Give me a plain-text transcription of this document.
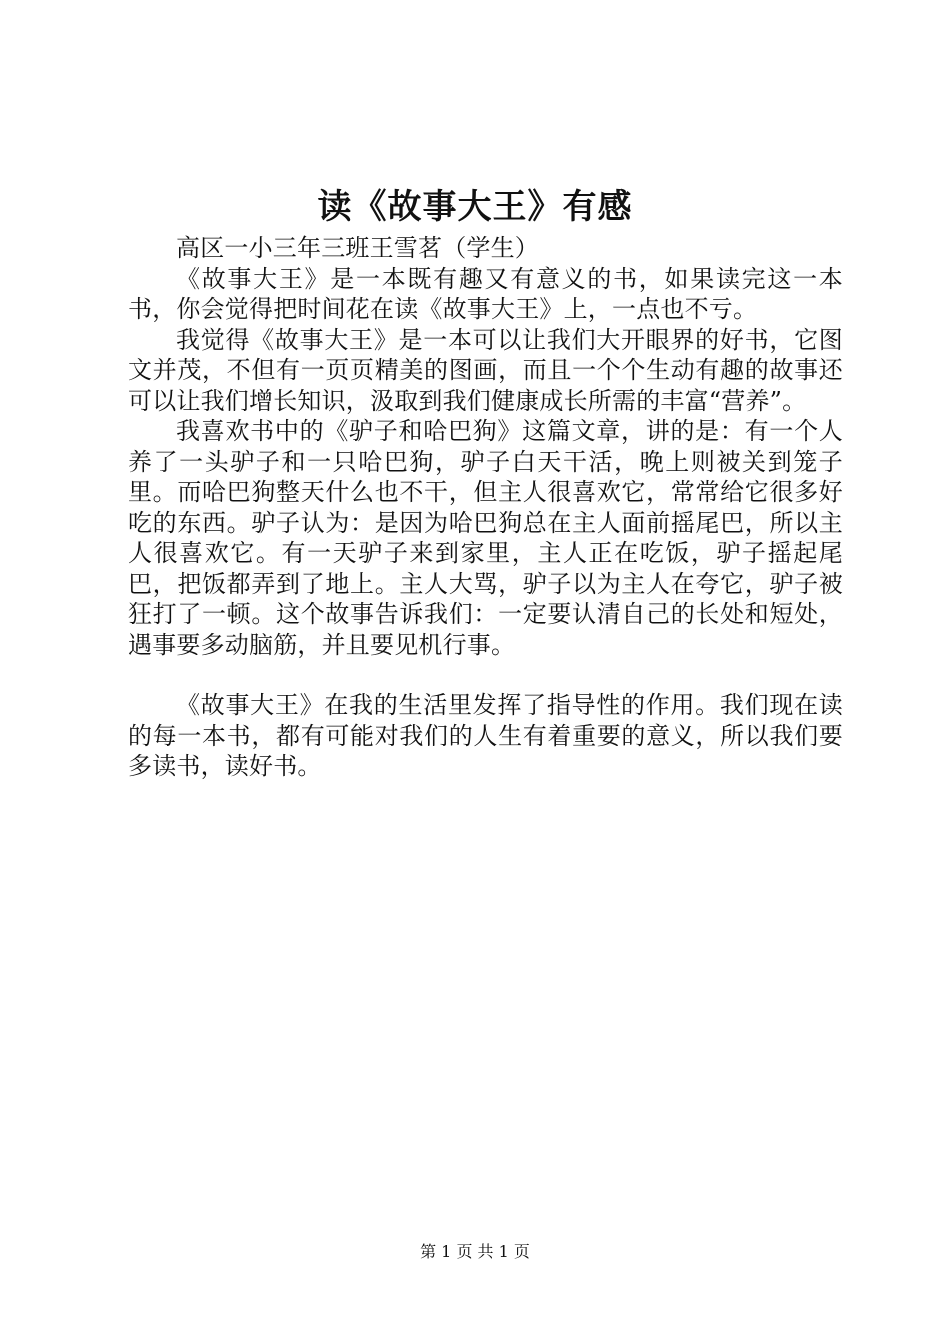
读《故事大王》有感

高区一小三年三班王雪茗（学生）

《故事大王》是一本既有趣又有意义的书，如果读完这一本书，你会觉得把时间花在读《故事大王》上，一点也不亏。

我觉得《故事大王》是一本可以让我们大开眼界的好书，它图文并茂，不但有一页页精美的图画，而且一个个生动有趣的故事还可以让我们增长知识，汲取到我们健康成长所需的丰富“营养”。

我喜欢书中的《驴子和哈巴狗》这篇文章，讲的是：有一个人养了一头驴子和一只哈巴狗，驴子白天干活，晚上则被关到笼子里。而哈巴狗整天什么也不干，但主人很喜欢它，常常给它很多好吃的东西。驴子认为：是因为哈巴狗总在主人面前摇尾巴，所以主人很喜欢它。有一天驴子来到家里，主人正在吃饭，驴子摇起尾巴，把饭都弄到了地上。主人大骂，驴子以为主人在夸它，驴子被狂打了一顿。这个故事告诉我们：一定要认清自己的长处和短处，遇事要多动脑筋，并且要见机行事。

《故事大王》在我的生活里发挥了指导性的作用。我们现在读的每一本书，都有可能对我们的人生有着重要的意义，所以我们要多读书，读好书。

第 1 页 共 1 页
